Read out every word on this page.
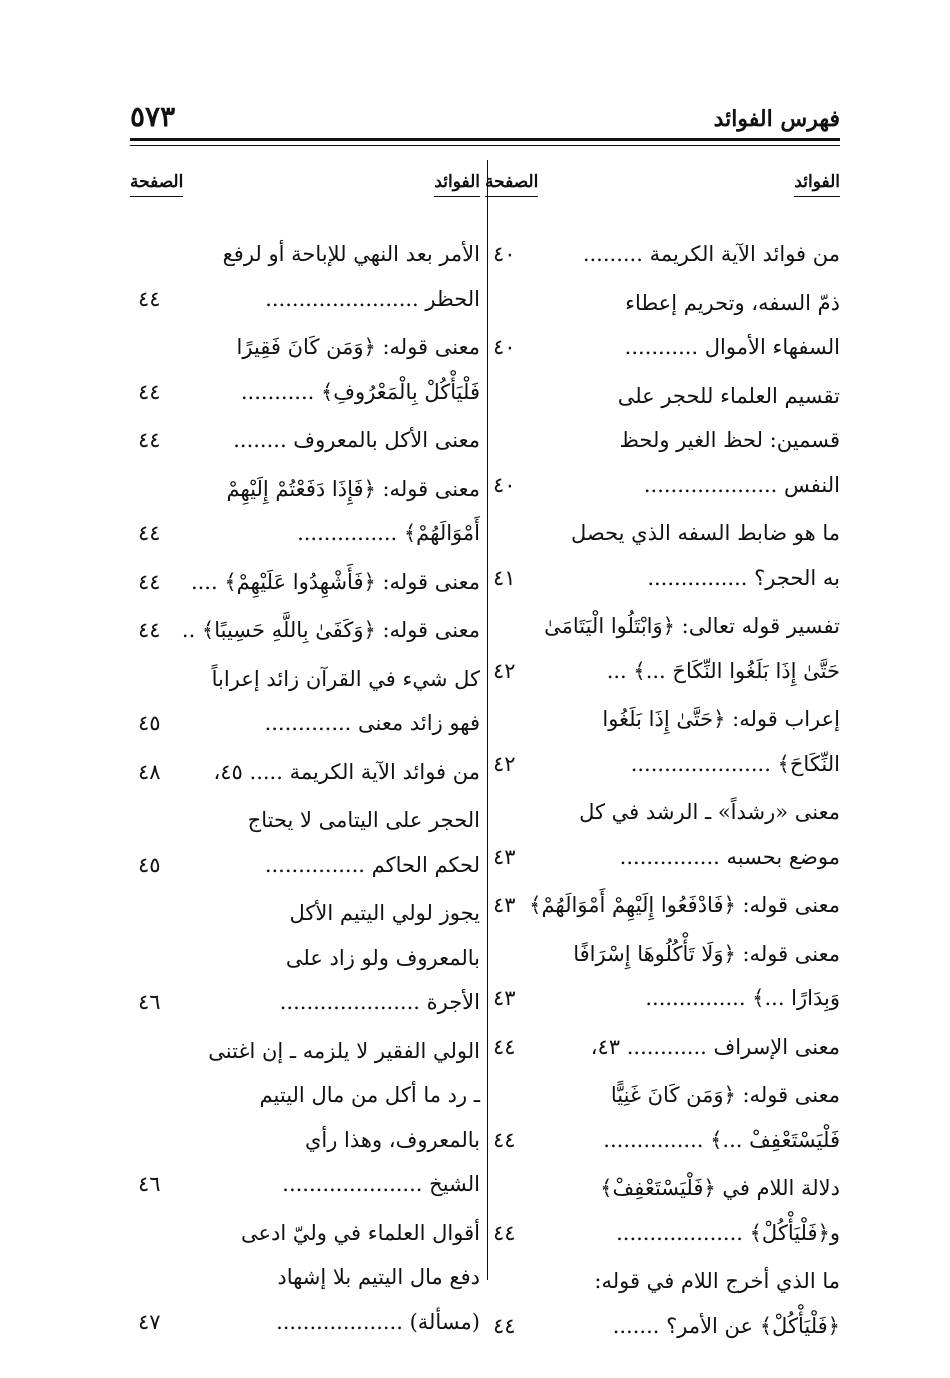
فهرس الفوائد
٥٧٣
الفوائد
الصفحة
من فوائد الآية الكريمة .........
٤٠
ذمّ السفه، وتحريم إعطاء
السفهاء الأموال ...........
٤٠
تقسيم العلماء للحجر على
قسمين: لحظ الغير ولحظ
النفس ....................
٤٠
ما هو ضابط السفه الذي يحصل
به الحجر؟ ...............
٤١
تفسير قوله تعالى: ﴿وَابْتَلُوا الْيَتَامَىٰ
حَتَّىٰ إِذَا بَلَغُوا النِّكَاحَ ...﴾ ...
٤٢
إعراب قوله: ﴿حَتَّىٰ إِذَا بَلَغُوا
النِّكَاحَ﴾ .....................
٤٢
معنى «رشداً» ـ الرشد في كل
موضع بحسبه ...............
٤٣
معنى قوله: ﴿فَادْفَعُوا إِلَيْهِمْ أَمْوَالَهُمْ﴾
٤٣
معنى قوله: ﴿وَلَا تَأْكُلُوهَا إِسْرَافًا
وَبِدَارًا ...﴾ ...............
٤٣
معنى الإسراف ............ ٤٣،
٤٤
معنى قوله: ﴿وَمَن كَانَ غَنِيًّا
فَلْيَسْتَعْفِفْ ...﴾ ...............
٤٤
دلالة اللام في ﴿فَلْيَسْتَعْفِفْ﴾
و﴿فَلْيَأْكُلْ﴾ ...................
٤٤
ما الذي أخرج اللام في قوله:
﴿فَلْيَأْكُلْ﴾ عن الأمر؟ .......
٤٤
الفوائد
الصفحة
الأمر بعد النهي للإباحة أو لرفع
الحظر .......................
٤٤
معنى قوله: ﴿وَمَن كَانَ فَقِيرًا
فَلْيَأْكُلْ بِالْمَعْرُوفِ﴾ ...........
٤٤
معنى الأكل بالمعروف ........
٤٤
معنى قوله: ﴿فَإِذَا دَفَعْتُمْ إِلَيْهِمْ
أَمْوَالَهُمْ﴾ ...............
٤٤
معنى قوله: ﴿فَأَشْهِدُوا عَلَيْهِمْ﴾ ....
٤٤
معنى قوله: ﴿وَكَفَىٰ بِاللَّهِ حَسِيبًا﴾ ..
٤٤
كل شيء في القرآن زائد إعراباً
فهو زائد معنى .............
٤٥
من فوائد الآية الكريمة ..... ٤٥،
٤٨
الحجر على اليتامى لا يحتاج
لحكم الحاكم ...............
٤٥
يجوز لولي اليتيم الأكل
بالمعروف ولو زاد على
الأجرة .....................
٤٦
الولي الفقير لا يلزمه ـ إن اغتنى
ـ رد ما أكل من مال اليتيم
بالمعروف، وهذا رأي
الشيخ .....................
٤٦
أقوال العلماء في وليّ ادعى
دفع مال اليتيم بلا إشهاد
(مسألة) ...................
٤٧
